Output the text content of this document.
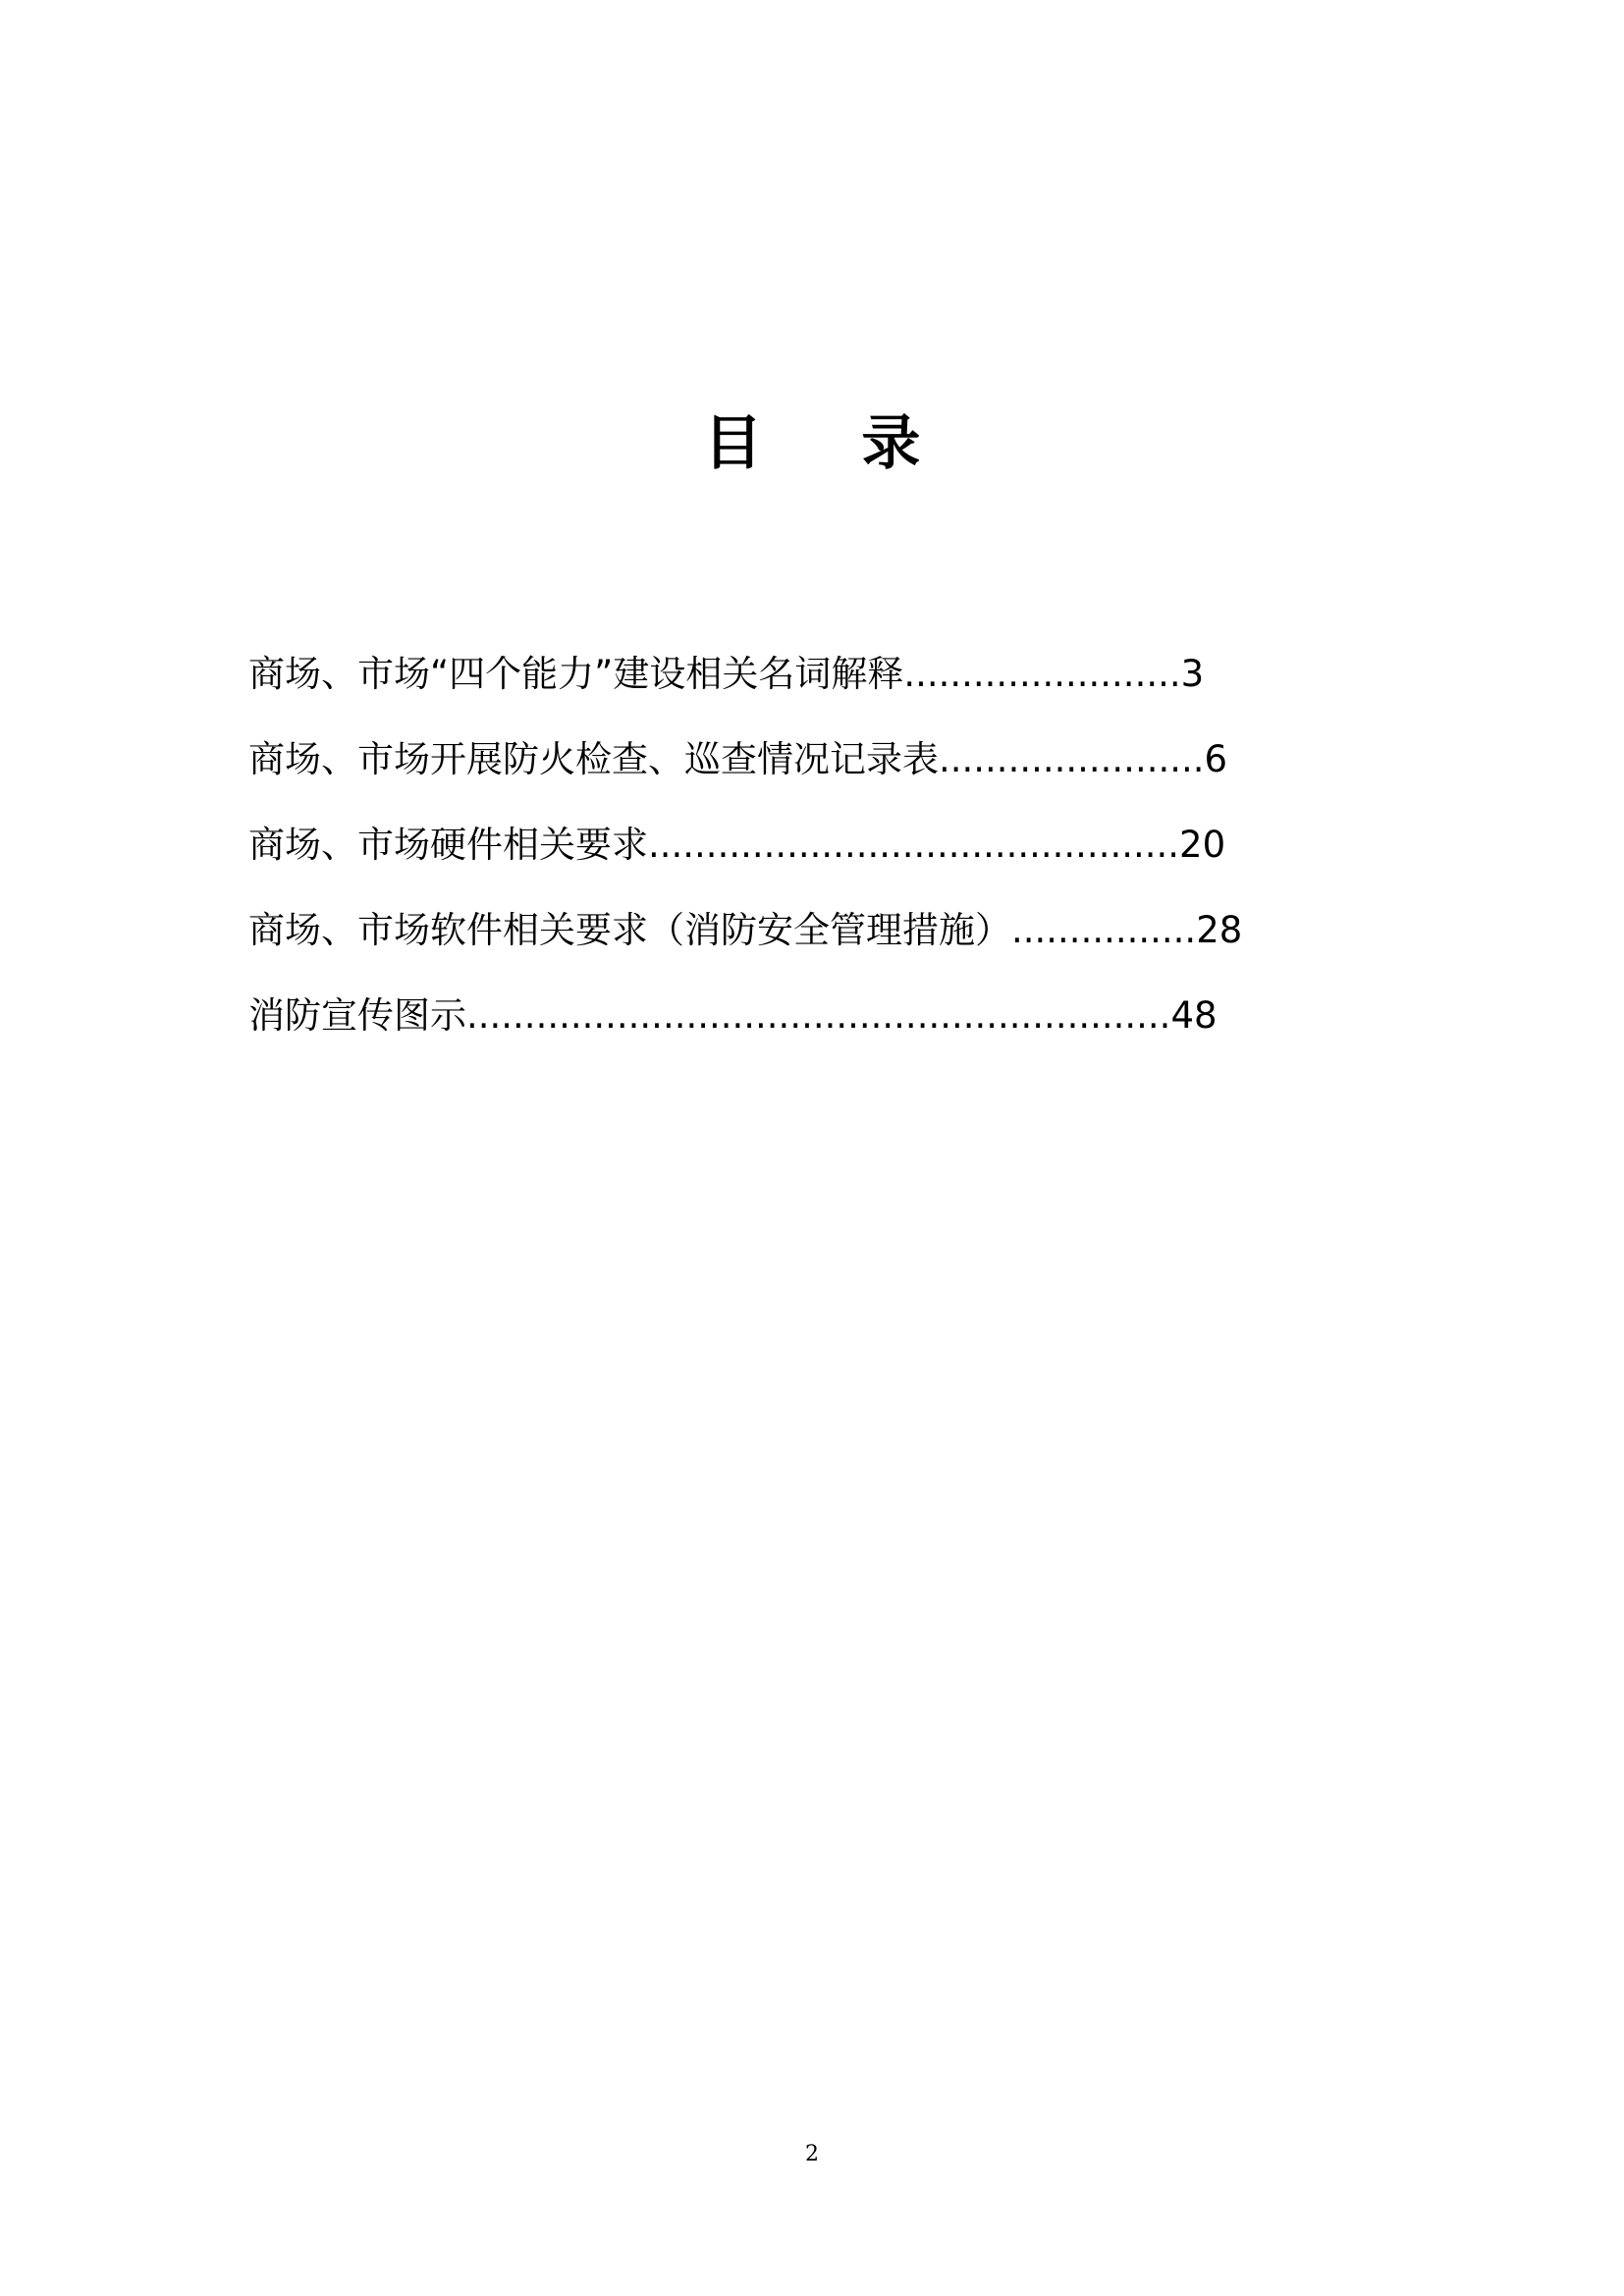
目 录
商场、市场“四个能力”建设相关名词解释........................3
商场、市场开展防火检查、巡查情况记录表.......................6
商场、市场硬件相关要求..............................................20
商场、市场软件相关要求（消防安全管理措施）................28
消防宣传图示.............................................................48
2
